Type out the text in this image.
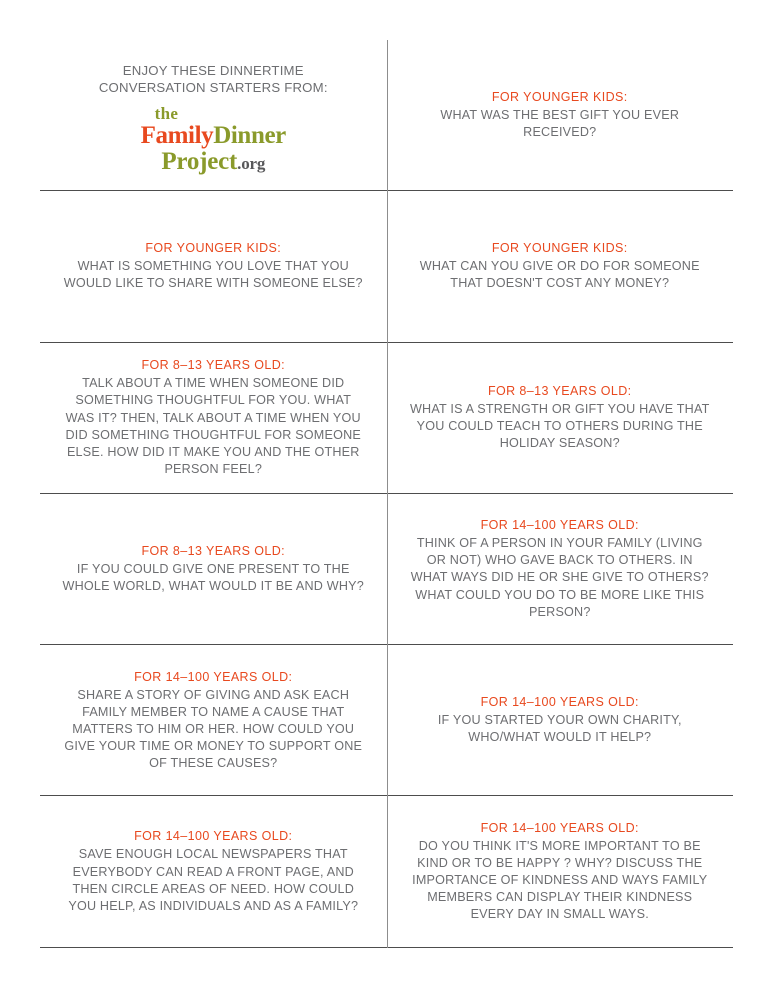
ENJOY THESE DINNERTIME
CONVERSATION STARTERS FROM:
the
FamilyDinner
Project.org
FOR YOUNGER KIDS:
WHAT WAS THE BEST GIFT YOU EVER RECEIVED?
FOR YOUNGER KIDS:
WHAT IS SOMETHING YOU LOVE THAT YOU WOULD LIKE TO SHARE WITH SOMEONE ELSE?
FOR YOUNGER KIDS:
WHAT CAN YOU GIVE OR DO FOR SOMEONE THAT DOESN'T COST ANY MONEY?
FOR 8–13 YEARS OLD:
TALK ABOUT A TIME WHEN SOMEONE DID SOMETHING THOUGHTFUL FOR YOU. WHAT WAS IT? THEN, TALK ABOUT A TIME WHEN YOU DID SOMETHING THOUGHTFUL FOR SOMEONE ELSE. HOW DID IT MAKE YOU AND THE OTHER PERSON FEEL?
FOR 8–13 YEARS OLD:
WHAT IS A STRENGTH OR GIFT YOU HAVE THAT YOU COULD TEACH TO OTHERS DURING THE HOLIDAY SEASON?
FOR 8–13 YEARS OLD:
IF YOU COULD GIVE ONE PRESENT TO THE WHOLE WORLD, WHAT WOULD IT BE AND WHY?
FOR 14–100 YEARS OLD:
THINK OF A PERSON IN YOUR FAMILY (LIVING OR NOT) WHO GAVE BACK TO OTHERS. IN WHAT WAYS DID HE OR SHE GIVE TO OTHERS? WHAT COULD YOU DO TO BE MORE LIKE THIS PERSON?
FOR 14–100 YEARS OLD:
SHARE A STORY OF GIVING AND ASK EACH FAMILY MEMBER TO NAME A CAUSE THAT MATTERS TO HIM OR HER. HOW COULD YOU GIVE YOUR TIME OR MONEY TO SUPPORT ONE OF THESE CAUSES?
FOR 14–100 YEARS OLD:
IF YOU STARTED YOUR OWN CHARITY, WHO/WHAT WOULD IT HELP?
FOR 14–100 YEARS OLD:
SAVE ENOUGH LOCAL NEWSPAPERS THAT EVERYBODY CAN READ A FRONT PAGE, AND THEN CIRCLE AREAS OF NEED. HOW COULD YOU HELP, AS INDIVIDUALS AND AS A FAMILY?
FOR 14–100 YEARS OLD:
DO YOU THINK IT'S MORE IMPORTANT TO BE KIND OR TO BE HAPPY ? WHY? DISCUSS THE IMPORTANCE OF KINDNESS AND WAYS FAMILY MEMBERS CAN DISPLAY THEIR KINDNESS EVERY DAY IN SMALL WAYS.
